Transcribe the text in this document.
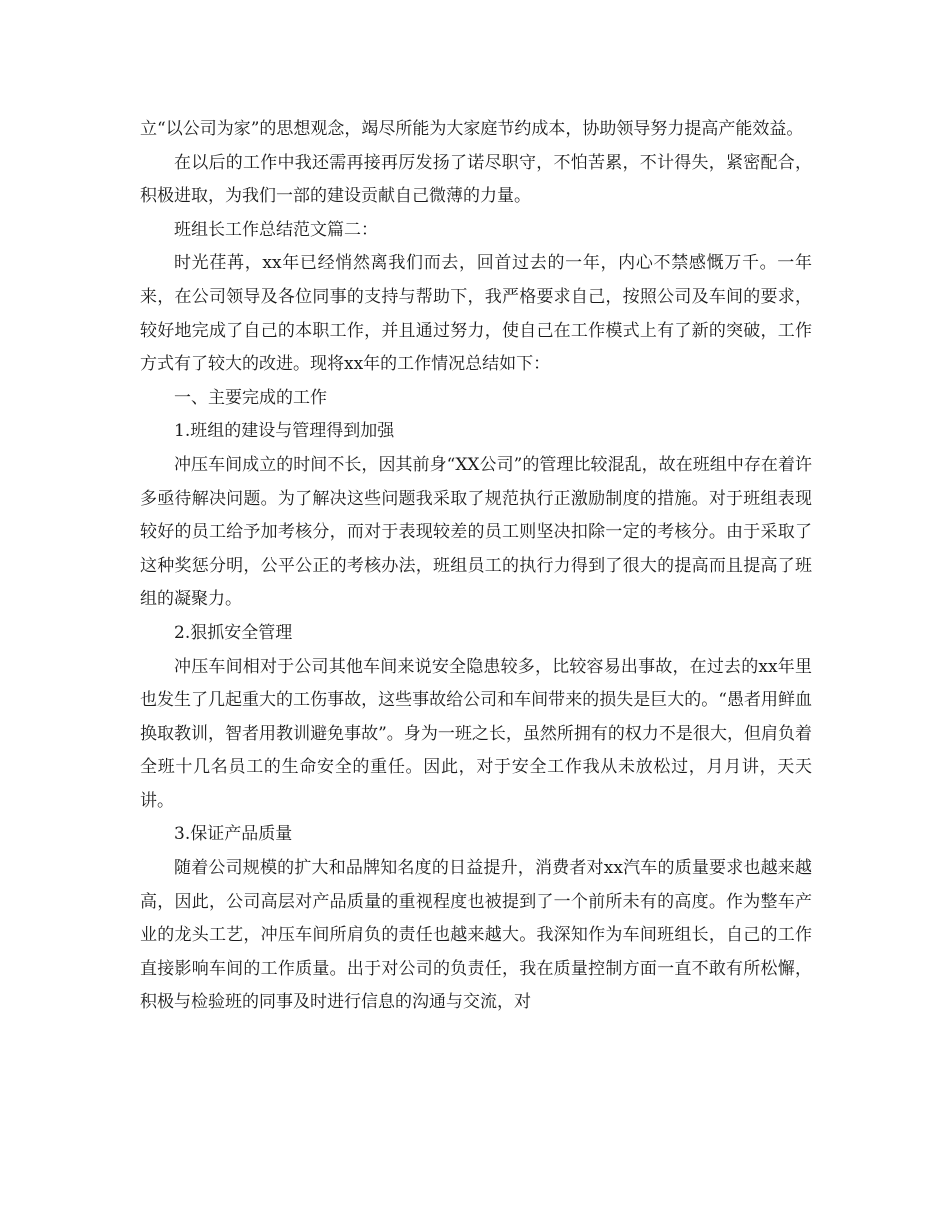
立“以公司为家”的思想观念，竭尽所能为大家庭节约成本，协助领导努力提高产能效益。

在以后的工作中我还需再接再厉发扬了诺尽职守，不怕苦累，不计得失，紧密配合，积极进取，为我们一部的建设贡献自己微薄的力量。

班组长工作总结范文篇二：

时光荏苒，xx年已经悄然离我们而去，回首过去的一年，内心不禁感慨万千。一年来，在公司领导及各位同事的支持与帮助下，我严格要求自己，按照公司及车间的要求，较好地完成了自己的本职工作，并且通过努力，使自己在工作模式上有了新的突破，工作方式有了较大的改进。现将xx年的工作情况总结如下：

一、主要完成的工作

1.班组的建设与管理得到加强

冲压车间成立的时间不长，因其前身“XX公司”的管理比较混乱，故在班组中存在着许多亟待解决问题。为了解决这些问题我采取了规范执行正激励制度的措施。对于班组表现较好的员工给予加考核分，而对于表现较差的员工则坚决扣除一定的考核分。由于采取了这种奖惩分明，公平公正的考核办法，班组员工的执行力得到了很大的提高而且提高了班组的凝聚力。

2.狠抓安全管理

冲压车间相对于公司其他车间来说安全隐患较多，比较容易出事故，在过去的xx年里也发生了几起重大的工伤事故，这些事故给公司和车间带来的损失是巨大的。“愚者用鲜血换取教训，智者用教训避免事故”。身为一班之长，虽然所拥有的权力不是很大，但肩负着全班十几名员工的生命安全的重任。因此，对于安全工作我从未放松过，月月讲，天天讲。

3.保证产品质量

随着公司规模的扩大和品牌知名度的日益提升，消费者对xx汽车的质量要求也越来越高，因此，公司高层对产品质量的重视程度也被提到了一个前所未有的高度。作为整车产业的龙头工艺，冲压车间所肩负的责任也越来越大。我深知作为车间班组长，自己的工作直接影响车间的工作质量。出于对公司的负责任，我在质量控制方面一直不敢有所松懈，积极与检验班的同事及时进行信息的沟通与交流，对
